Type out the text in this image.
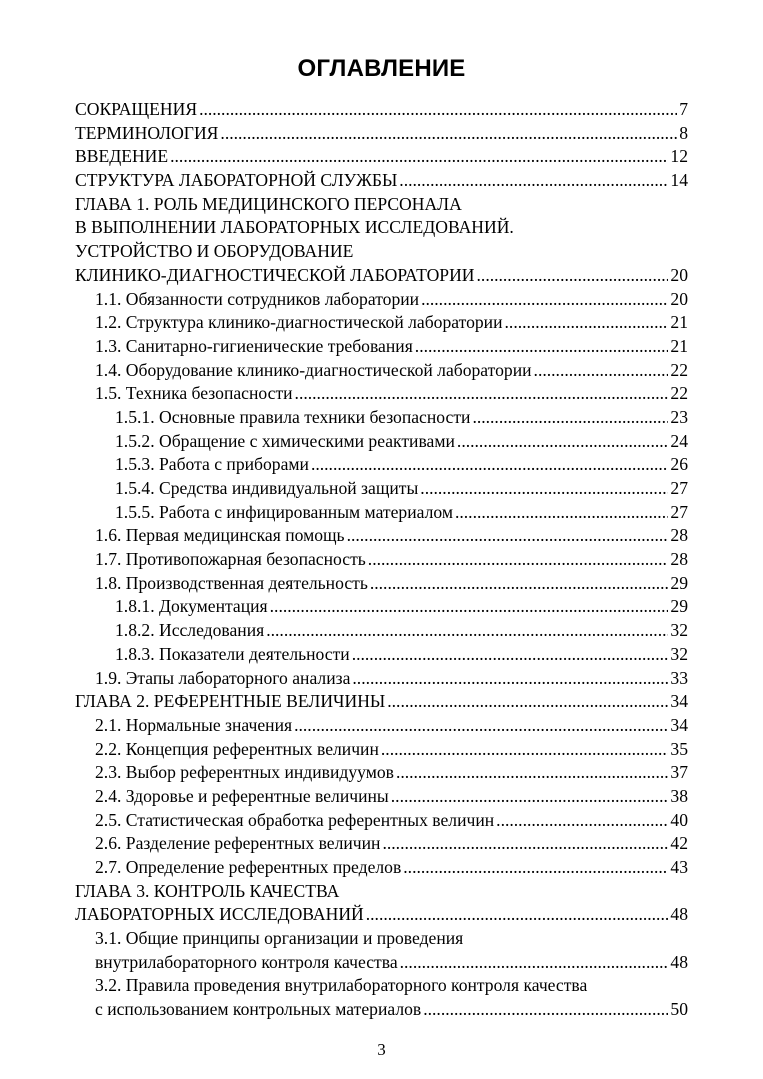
ОГЛАВЛЕНИЕ
СОКРАЩЕНИЯ .....	7
ТЕРМИНОЛОГИЯ .....	8
ВВЕДЕНИЕ .....	12
СТРУКТУРА ЛАБОРАТОРНОЙ СЛУЖБЫ .....	14
ГЛАВА 1. РОЛЬ МЕДИЦИНСКОГО ПЕРСОНАЛА
В ВЫПОЛНЕНИИ ЛАБОРАТОРНЫХ ИССЛЕДОВАНИЙ.
УСТРОЙСТВО И ОБОРУДОВАНИЕ
КЛИНИКО-ДИАГНОСТИЧЕСКОЙ ЛАБОРАТОРИИ .....	20
1.1. Обязанности сотрудников лаборатории .....	20
1.2. Структура клинико-диагностической лаборатории .....	21
1.3. Санитарно-гигиенические требования .....	21
1.4. Оборудование клинико-диагностической лаборатории .....	22
1.5. Техника безопасности .....	22
1.5.1. Основные правила техники безопасности .....	23
1.5.2. Обращение с химическими реактивами .....	24
1.5.3. Работа с приборами .....	26
1.5.4. Средства индивидуальной защиты .....	27
1.5.5. Работа с инфицированным материалом .....	27
1.6. Первая медицинская помощь .....	28
1.7. Противопожарная безопасность .....	28
1.8. Производственная деятельность .....	29
1.8.1. Документация .....	29
1.8.2. Исследования .....	32
1.8.3. Показатели деятельности .....	32
1.9. Этапы лабораторного анализа .....	33
ГЛАВА 2. РЕФЕРЕНТНЫЕ ВЕЛИЧИНЫ .....	34
2.1. Нормальные значения .....	34
2.2. Концепция референтных величин .....	35
2.3. Выбор референтных индивидуумов .....	37
2.4. Здоровье и референтные величины .....	38
2.5. Статистическая обработка референтных величин .....	40
2.6. Разделение референтных величин .....	42
2.7. Определение референтных пределов .....	43
ГЛАВА 3. КОНТРОЛЬ КАЧЕСТВА
ЛАБОРАТОРНЫХ ИССЛЕДОВАНИЙ .....	48
3.1. Общие принципы организации и проведения
внутрилабораторного контроля качества .....	48
3.2. Правила проведения внутрилабораторного контроля качества
с использованием контрольных материалов .....	50
3
